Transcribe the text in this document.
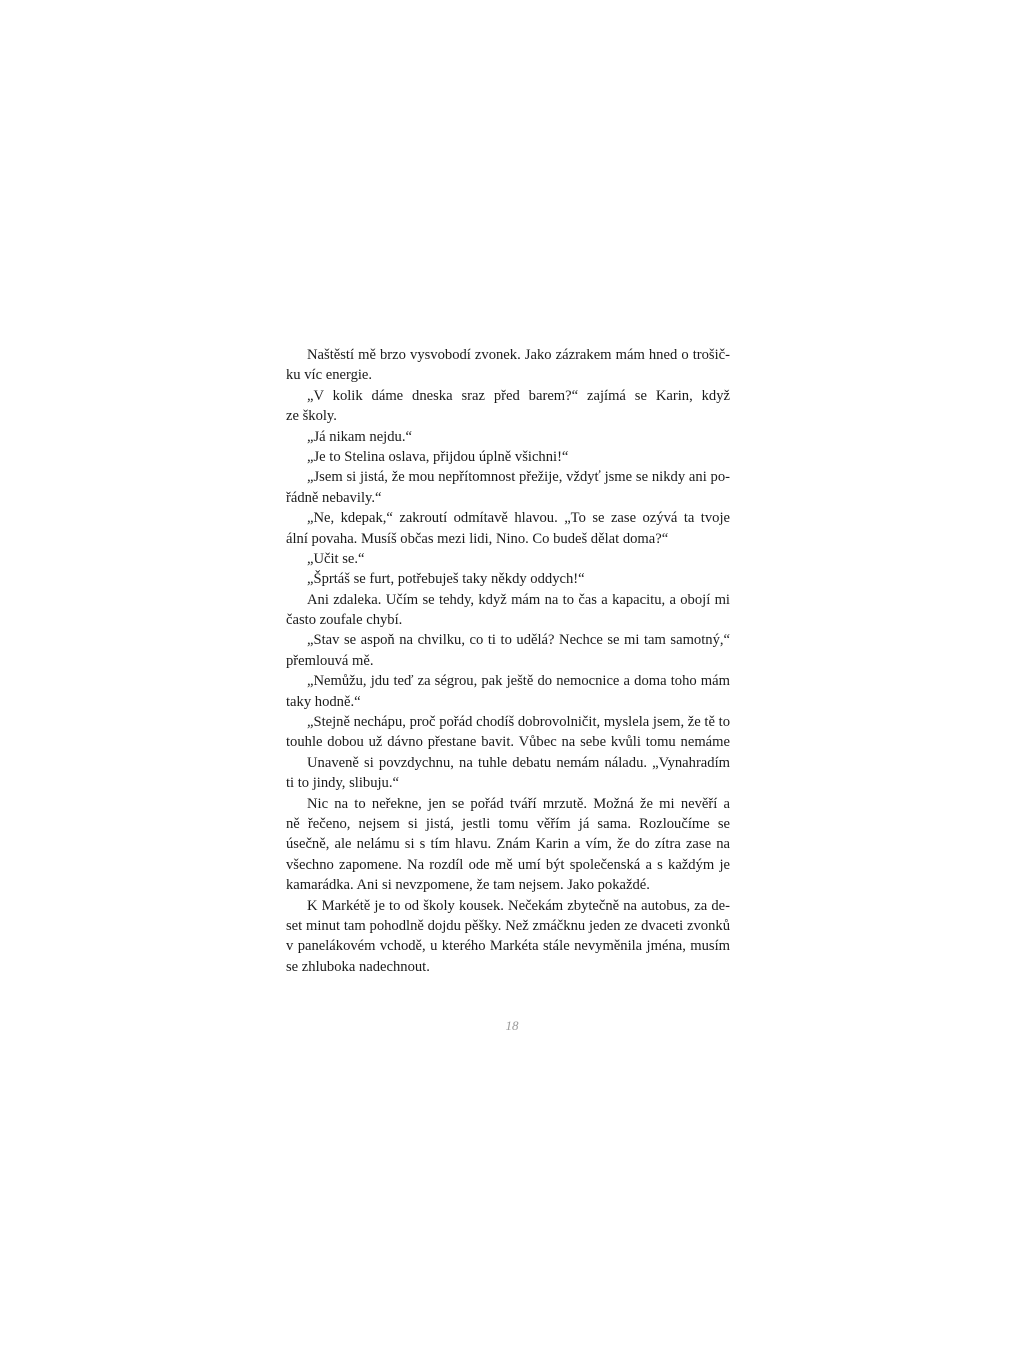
Naštěstí mě brzo vysvobodí zvonek. Jako zázrakem mám hned o trošič-
ku víc energie.
„V kolik dáme dneska sraz před barem?“ zajímá se Karin, když
ze školy.
„Já nikam nejdu.“
„Je to Stelina oslava, přijdou úplně všichni!“
„Jsem si jistá, že mou nepřítomnost přežije, vždyť jsme se nikdy ani po-
řádně nebavily.“
„Ne, kdepak,“ zakroutí odmítavě hlavou. „To se zase ozývá ta tvoje
ální povaha. Musíš občas mezi lidi, Nino. Co budeš dělat doma?“
„Učit se.“
„Šprtáš se furt, potřebuješ taky někdy oddych!“
Ani zdaleka. Učím se tehdy, když mám na to čas a kapacitu, a obojí mi
často zoufale chybí.
„Stav se aspoň na chvilku, co ti to udělá? Nechce se mi tam samotný,“
přemlouvá mě.
„Nemůžu, jdu teď za ségrou, pak ještě do nemocnice a doma toho mám
taky hodně.“
„Stejně nechápu, proč pořád chodíš dobrovolničit, myslela jsem, že tě to
touhle dobou už dávno přestane bavit. Vůbec na sebe kvůli tomu nemáme
Unaveně si povzdychnu, na tuhle debatu nemám náladu. „Vynahradím
ti to jindy, slibuju.“
Nic na to neřekne, jen se pořád tváří mrzutě. Možná že mi nevěří a
ně řečeno, nejsem si jistá, jestli tomu věřím já sama. Rozloučíme se
úsečně, ale nelámu si s tím hlavu. Znám Karin a vím, že do zítra zase na
všechno zapomene. Na rozdíl ode mě umí být společenská a s každým je
kamarádka. Ani si nevzpomene, že tam nejsem. Jako pokaždé.
K Markétě je to od školy kousek. Nečekám zbytečně na autobus, za de-
set minut tam pohodlně dojdu pěšky. Než zmáčknu jeden ze dvaceti zvonků
v panelákovém vchodě, u kterého Markéta stále nevyměnila jména, musím
se zhluboka nadechnout.
18
